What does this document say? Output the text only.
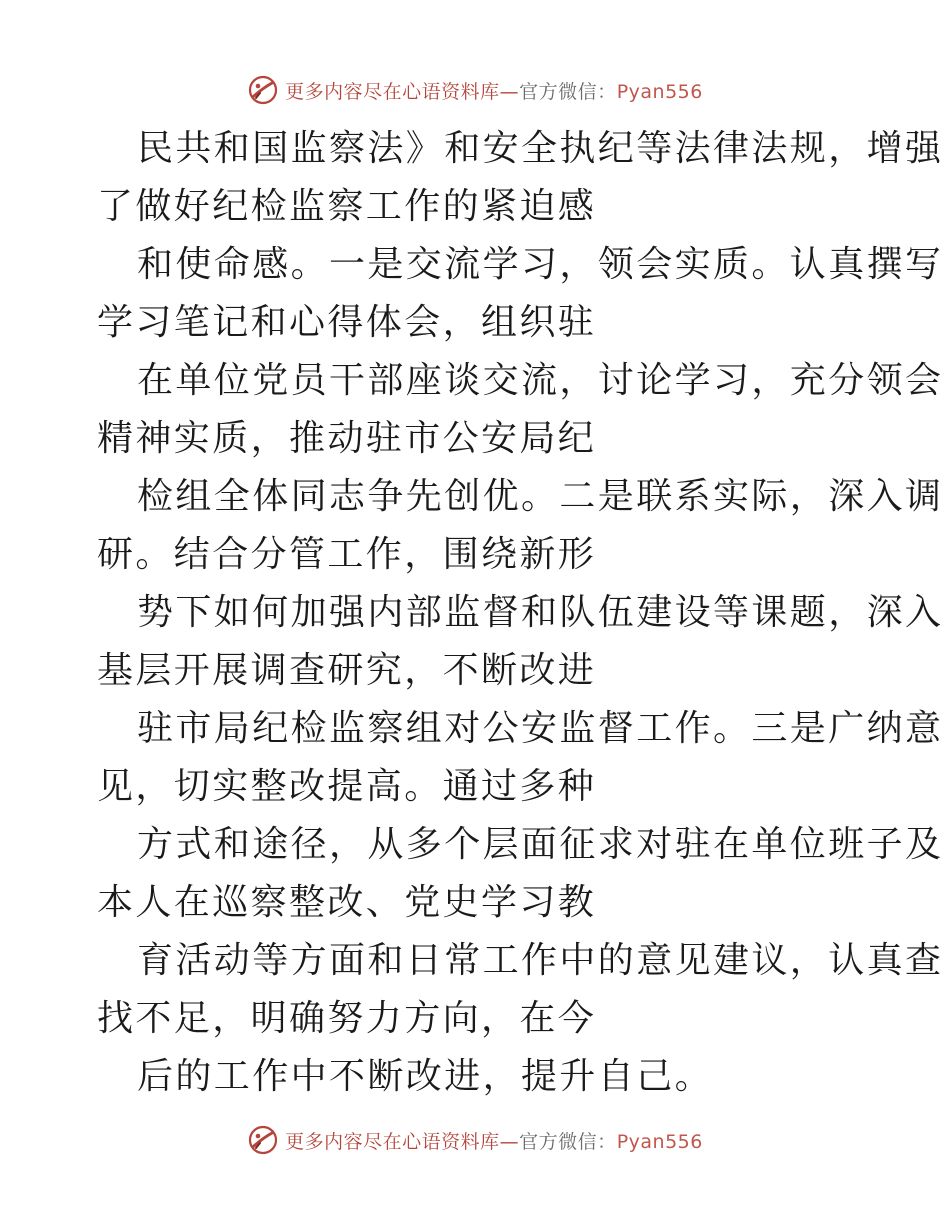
更多内容尽在心语资料库—官方微信：Pyan556
民共和国监察法》和安全执纪等法律法规，增强
了做好纪检监察工作的紧迫感
和使命感。一是交流学习，领会实质。认真撰写
学习笔记和心得体会，组织驻
在单位党员干部座谈交流，讨论学习，充分领会
精神实质，推动驻市公安局纪
检组全体同志争先创优。二是联系实际，深入调
研。结合分管工作，围绕新形
势下如何加强内部监督和队伍建设等课题，深入
基层开展调查研究，不断改进
驻市局纪检监察组对公安监督工作。三是广纳意
见，切实整改提高。通过多种
方式和途径，从多个层面征求对驻在单位班子及
本人在巡察整改、党史学习教
育活动等方面和日常工作中的意见建议，认真查
找不足，明确努力方向，在今
后的工作中不断改进，提升自己。
更多内容尽在心语资料库—官方微信：Pyan556
